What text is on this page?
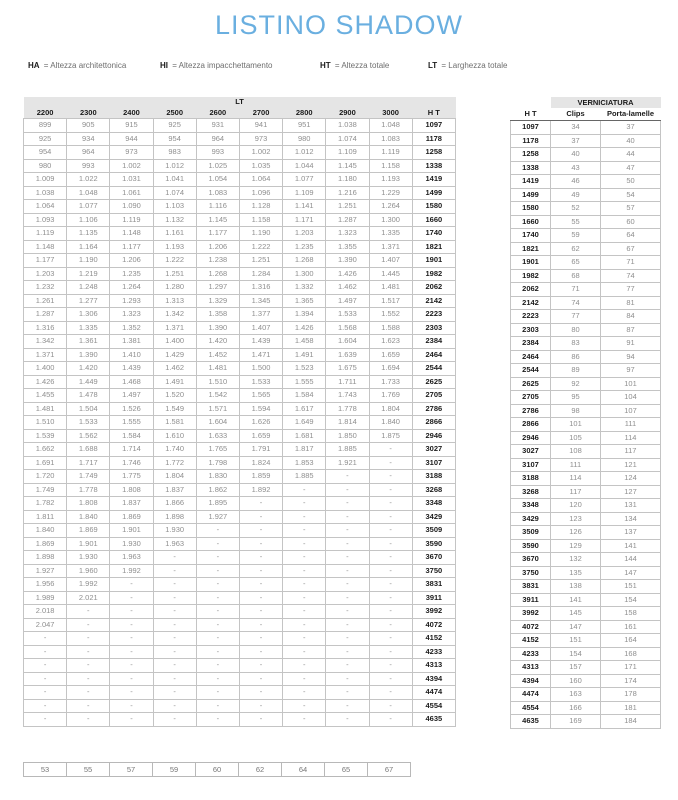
LISTINO SHADOW
HA = Altezza architettonica	HI = Altezza impacchettamento	HT = Altezza totale	LT = Larghezza totale
LT									
2200	2300	2400	2500	2600	2700	2800	2900	3000	H T
899	905	915	925	931	941	951	1.038	1.048	1097
925	934	944	954	964	973	980	1.074	1.083	1178
954	964	973	983	993	1.002	1.012	1.109	1.119	1258
980	993	1.002	1.012	1.025	1.035	1.044	1.145	1.158	1338
1.009	1.022	1.031	1.041	1.054	1.064	1.077	1.180	1.193	1419
1.038	1.048	1.061	1.074	1.083	1.096	1.109	1.216	1.229	1499
1.064	1.077	1.090	1.103	1.116	1.128	1.141	1.251	1.264	1580
1.093	1.106	1.119	1.132	1.145	1.158	1.171	1.287	1.300	1660
1.119	1.135	1.148	1.161	1.177	1.190	1.203	1.323	1.335	1740
1.148	1.164	1.177	1.193	1.206	1.222	1.235	1.355	1.371	1821
1.177	1.190	1.206	1.222	1.238	1.251	1.268	1.390	1.407	1901
1.203	1.219	1.235	1.251	1.268	1.284	1.300	1.426	1.445	1982
1.232	1.248	1.264	1.280	1.297	1.316	1.332	1.462	1.481	2062
1.261	1.277	1.293	1.313	1.329	1.345	1.365	1.497	1.517	2142
1.287	1.306	1.323	1.342	1.358	1.377	1.394	1.533	1.552	2223
1.316	1.335	1.352	1.371	1.390	1.407	1.426	1.568	1.588	2303
1.342	1.361	1.381	1.400	1.420	1.439	1.458	1.604	1.623	2384
1.371	1.390	1.410	1.429	1.452	1.471	1.491	1.639	1.659	2464
1.400	1.420	1.439	1.462	1.481	1.500	1.523	1.675	1.694	2544
1.426	1.449	1.468	1.491	1.510	1.533	1.555	1.711	1.733	2625
1.455	1.478	1.497	1.520	1.542	1.565	1.584	1.743	1.769	2705
1.481	1.504	1.526	1.549	1.571	1.594	1.617	1.778	1.804	2786
1.510	1.533	1.555	1.581	1.604	1.626	1.649	1.814	1.840	2866
1.539	1.562	1.584	1.610	1.633	1.659	1.681	1.850	1.875	2946
1.662	1.688	1.714	1.740	1.765	1.791	1.817	1.885	-	3027
1.691	1.717	1.746	1.772	1.798	1.824	1.853	1.921	-	3107
1.720	1.749	1.775	1.804	1.830	1.859	1.885	-	-	3188
1.749	1.778	1.808	1.837	1.862	1.892	-	-	-	3268
1.782	1.808	1.837	1.866	1.895	-	-	-	-	3348
1.811	1.840	1.869	1.898	1.927	-	-	-	-	3429
1.840	1.869	1.901	1.930	-	-	-	-	-	3509
1.869	1.901	1.930	1.963	-	-	-	-	-	3590
1.898	1.930	1.963	-	-	-	-	-	-	3670
1.927	1.960	1.992	-	-	-	-	-	-	3750
1.956	1.992	-	-	-	-	-	-	-	3831
1.989	2.021	-	-	-	-	-	-	-	3911
2.018	-	-	-	-	-	-	-	-	3992
2.047	-	-	-	-	-	-	-	-	4072
-	-	-	-	-	-	-	-	-	4152
-	-	-	-	-	-	-	-	-	4233
-	-	-	-	-	-	-	-	-	4313
-	-	-	-	-	-	-	-	-	4394
-	-	-	-	-	-	-	-	-	4474
-	-	-	-	-	-	-	-	-	4554
-	-	-	-	-	-	-	-	-	4635
	VERNICIATURA	
H T	Clips	Porta-lamelle
1097	34	37
1178	37	40
1258	40	44
1338	43	47
1419	46	50
1499	49	54
1580	52	57
1660	55	60
1740	59	64
1821	62	67
1901	65	71
1982	68	74
2062	71	77
2142	74	81
2223	77	84
2303	80	87
2384	83	91
2464	86	94
2544	89	97
2625	92	101
2705	95	104
2786	98	107
2866	101	111
2946	105	114
3027	108	117
3107	111	121
3188	114	124
3268	117	127
3348	120	131
3429	123	134
3509	126	137
3590	129	141
3670	132	144
3750	135	147
3831	138	151
3911	141	154
3992	145	158
4072	147	161
4152	151	164
4233	154	168
4313	157	171
4394	160	174
4474	163	178
4554	166	181
4635	169	184
53	55	57	59	60	62	64	65	67
